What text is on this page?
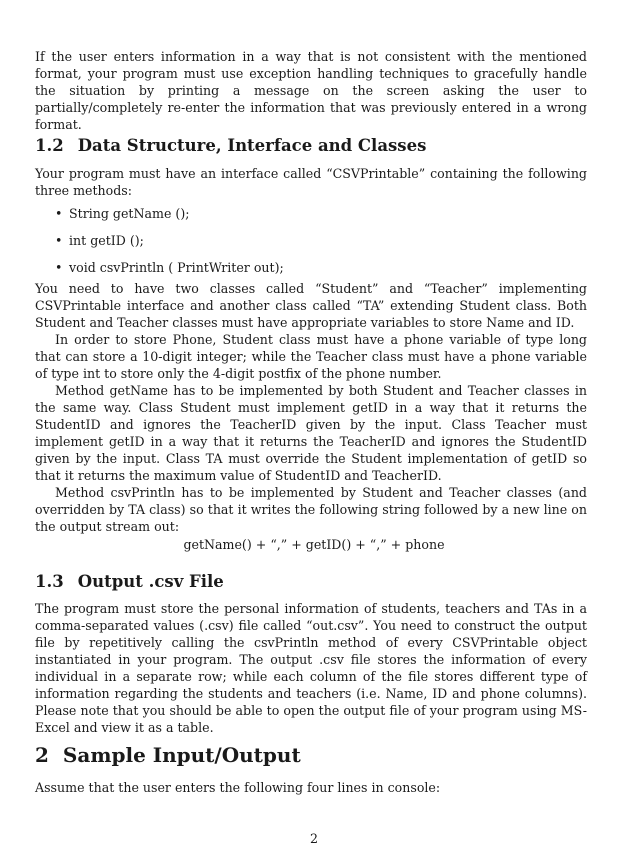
If the user enters information in a way that is not consistent with the mentioned format, your program must use exception handling techniques to gracefully handle the situation by printing a message on the screen asking the user to partially/completely re-enter the information that was previously entered in a wrong format.

1.2 Data Structure, Interface and Classes

Your program must have an interface called “CSVPrintable” containing the following three methods:

• String getName ();
• int getID ();
• void csvPrintln ( PrintWriter out);

You need to have two classes called “Student” and “Teacher” implementing CSVPrintable interface and another class called “TA” extending Student class. Both Student and Teacher classes must have appropriate variables to store Name and ID.

In order to store Phone, Student class must have a phone variable of type long that can store a 10-digit integer; while the Teacher class must have a phone variable of type int to store only the 4-digit postfix of the phone number.

Method getName has to be implemented by both Student and Teacher classes in the same way. Class Student must implement getID in a way that it returns the StudentID and ignores the TeacherID given by the input. Class Teacher must implement getID in a way that it returns the TeacherID and ignores the StudentID given by the input. Class TA must override the Student implementation of getID so that it returns the maximum value of StudentID and TeacherID.

Method csvPrintln has to be implemented by Student and Teacher classes (and overridden by TA class) so that it writes the following string followed by a new line on the output stream out:

getName() + “,” + getID() + “,” + phone
1.3 Output .csv File

The program must store the personal information of students, teachers and TAs in a comma-separated values (.csv) file called “out.csv”. You need to construct the output file by repetitively calling the csvPrintln method of every CSVPrintable object instantiated in your program. The output .csv file stores the information of every individual in a separate row; while each column of the file stores different type of information regarding the students and teachers (i.e. Name, ID and phone columns). Please note that you should be able to open the output file of your program using MS-Excel and view it as a table.

2 Sample Input/Output

Assume that the user enters the following four lines in console:

2
